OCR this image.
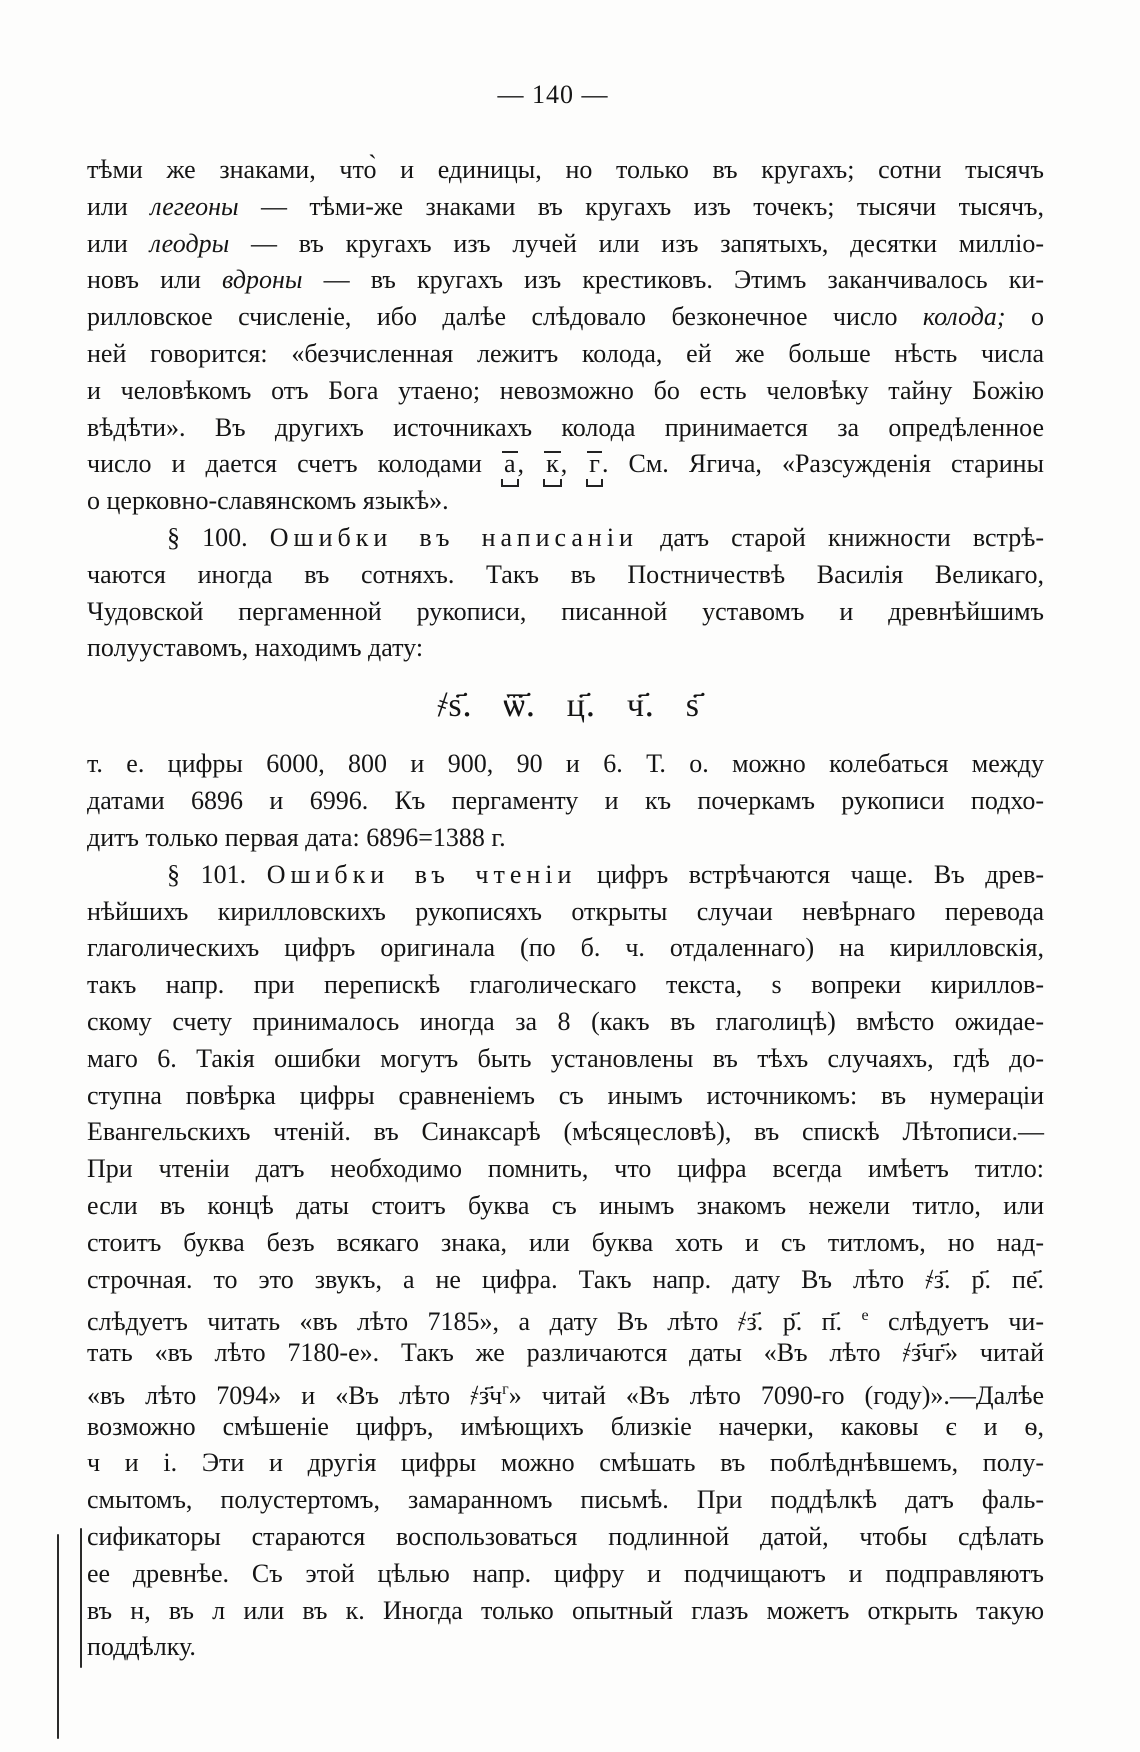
— 140 —
тѣми же знаками, что̀ и единицы, но только въ кругахъ; сотни тысячъ
или легеоны — тѣми-же знаками въ кругахъ изъ точекъ; тысячи тысячъ,
или леодры — въ кругахъ изъ лучей или изъ запятыхъ, десятки милліо-
новъ или вдроны — въ кругахъ изъ крестиковъ. Этимъ заканчивалось ки-
рилловское счисленіе, ибо далѣе слѣдовало безконечное число колода; о
ней говорится: «безчисленная лежитъ колода, ей же больше нѣсть числа
и человѣкомъ отъ Бога утаено; невозможно бо есть человѣку тайну Божію
вѣдѣти». Въ другихъ источникахъ колода принимается за опредѣленное
число и дается счетъ колодами а, к, г. См. Ягича, «Разсужденія старины
о церковно-славянскомъ языкѣ».
§ 100. Ошибки въ написаніи датъ старой книжности встрѣ-
чаются иногда въ сотняхъ. Такъ въ Постничествѣ Василія Великаго,
Чудовской пергаменной рукописи, писанной уставомъ и древнѣйшимъ
полууставомъ, находимъ дату:
҂ѕ҃. ѿ҃. ц҃. ч҃. ѕ҃
т. е. цифры 6000, 800 и 900, 90 и 6. Т. о. можно колебаться между
датами 6896 и 6996. Къ пергаменту и къ почеркамъ рукописи подхо-
дитъ только первая дата: 6896=1388 г.
§ 101. Ошибки въ чтеніи цифръ встрѣчаются чаще. Въ древ-
нѣйшихъ кирилловскихъ рукописяхъ открыты случаи невѣрнаго перевода
глаголическихъ цифръ оригинала (по б. ч. отдаленнаго) на кирилловскія,
такъ напр. при перепискѣ глаголическаго текста, ѕ вопреки кириллов-
скому счету принималось иногда за 8 (какъ въ глаголицѣ) вмѣсто ожидае-
маго 6. Такія ошибки могутъ быть установлены въ тѣхъ случаяхъ, гдѣ до-
ступна повѣрка цифры сравненіемъ съ инымъ источникомъ: въ нумераціи
Евангельскихъ чтеній. въ Синаксарѣ (мѣсяцесловѣ), въ спискѣ Лѣтописи.—
При чтеніи датъ необходимо помнить, что цифра всегда имѣетъ титло:
если въ концѣ даты стоитъ буква съ инымъ знакомъ нежели титло, или
стоитъ буква безъ всякаго знака, или буква хоть и съ титломъ, но над-
строчная. то это звукъ, а не цифра. Такъ напр. дату Въ лѣто ҂з҃. р҃. пе҃.
слѣдуетъ читать «въ лѣто 7185», а дату Въ лѣто ҂з҃. р҃. п҃. $^е$ слѣдуетъ чи-
тать «въ лѣто 7180-е». Такъ же различаются даты «Въ лѣто ҂з҃чг҃» читай
«въ лѣто 7094» и «Въ лѣто $҂з҃ч^г$» читай «Въ лѣто 7090-го (году)».—Далѣе
возможно смѣшеніе цифръ, имѣющихъ близкіе начерки, каковы є и ѳ,
ч и і. Эти и другія цифры можно смѣшать въ поблѣднѣвшемъ, полу-
смытомъ, полустертомъ, замаранномъ письмѣ. При поддѣлкѣ датъ фаль-
сификаторы стараются воспользоваться подлинной датой, чтобы сдѣлать
ее древнѣе. Съ этой цѣлью напр. цифру и подчищаютъ и подправляютъ
въ н, въ л или въ к. Иногда только опытный глазъ можетъ открыть такую
поддѣлку.
